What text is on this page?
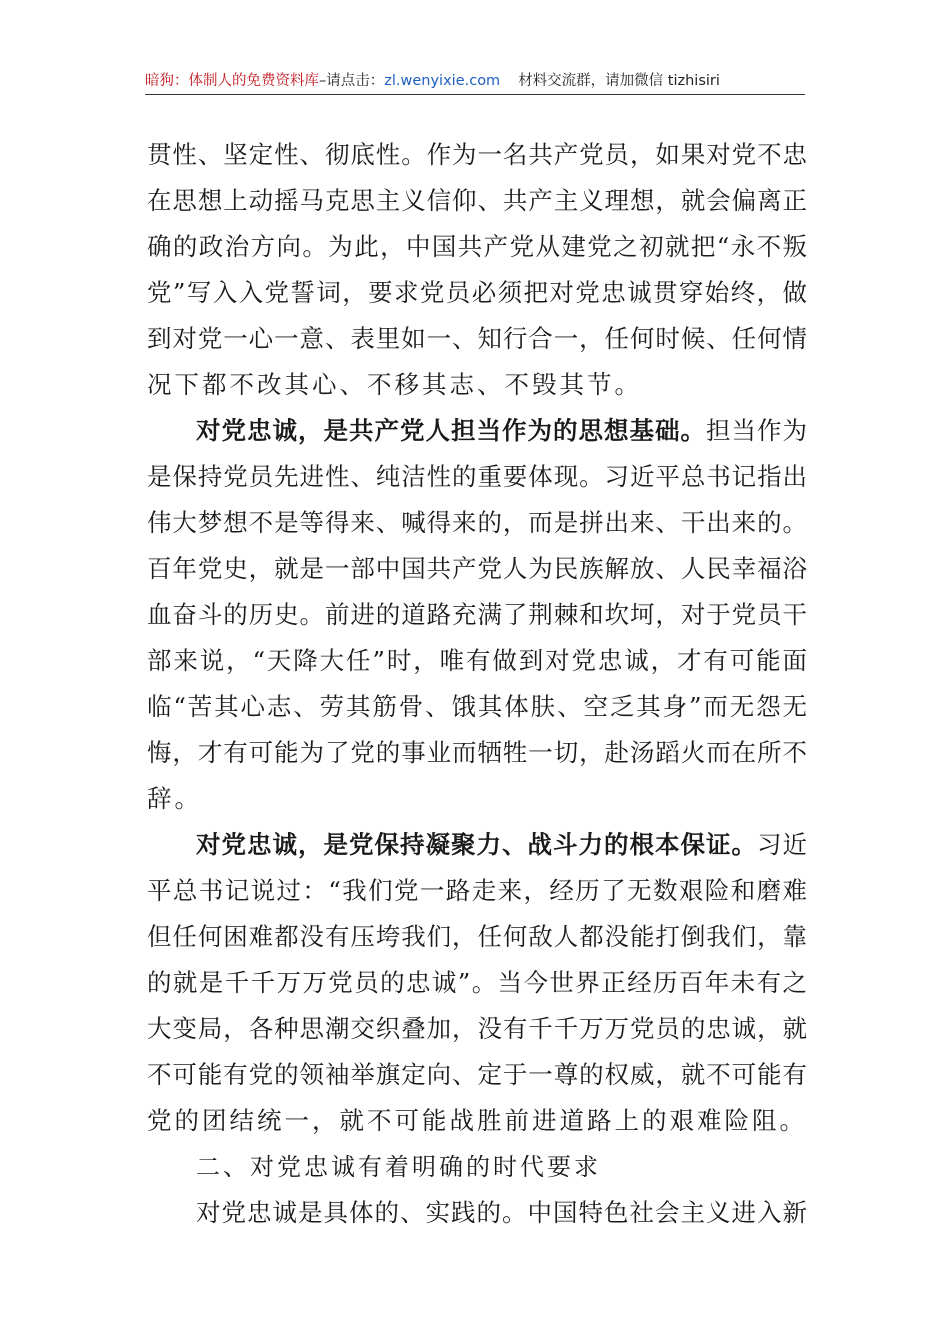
暗狗：体制人的免费资料库–请点击：zl.wenyixie.com 材料交流群，请加微信 tizhisiri
贯性、坚定性、彻底性。作为一名共产党员，如果对党不忠
在思想上动摇马克思主义信仰、共产主义理想，就会偏离正
确的政治方向。为此，中国共产党从建党之初就把“永不叛
党”写入入党誓词，要求党员必须把对党忠诚贯穿始终，做
到对党一心一意、表里如一、知行合一，任何时候、任何情
况下都不改其心、不移其志、不毁其节。
对党忠诚，是共产党人担当作为的思想基础。担当作为
是保持党员先进性、纯洁性的重要体现。习近平总书记指出
伟大梦想不是等得来、喊得来的，而是拼出来、干出来的。
百年党史，就是一部中国共产党人为民族解放、人民幸福浴
血奋斗的历史。前进的道路充满了荆棘和坎坷，对于党员干
部来说，“天降大任”时，唯有做到对党忠诚，才有可能面
临“苦其心志、劳其筋骨、饿其体肤、空乏其身”而无怨无
悔，才有可能为了党的事业而牺牲一切，赴汤蹈火而在所不
辞。
对党忠诚，是党保持凝聚力、战斗力的根本保证。习近
平总书记说过：“我们党一路走来，经历了无数艰险和磨难
但任何困难都没有压垮我们，任何敌人都没能打倒我们，靠
的就是千千万万党员的忠诚”。当今世界正经历百年未有之
大变局，各种思潮交织叠加，没有千千万万党员的忠诚，就
不可能有党的领袖举旗定向、定于一尊的权威，就不可能有
党的团结统一，就不可能战胜前进道路上的艰难险阻。
二、对党忠诚有着明确的时代要求
对党忠诚是具体的、实践的。中国特色社会主义进入新
